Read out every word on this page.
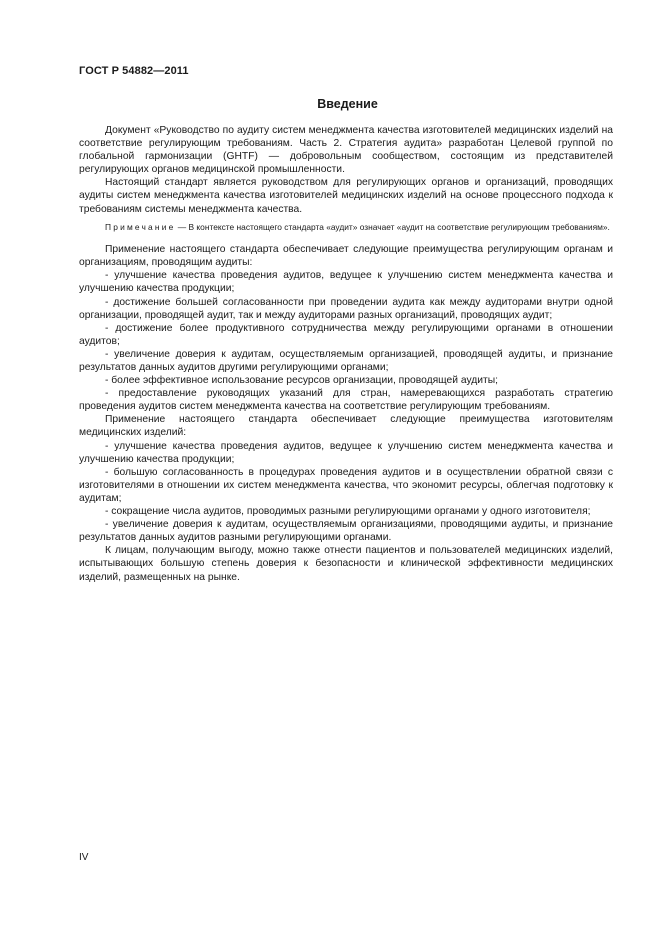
ГОСТ Р 54882—2011
Введение

Документ «Руководство по аудиту систем менеджмента качества изготовителей медицинских изделий на соответствие регулирующим требованиям. Часть 2. Стратегия аудита» разработан Целевой группой по глобальной гармонизации (GHTF) — добровольным сообществом, состоящим из представителей регулирующих органов медицинской промышленности.

Настоящий стандарт является руководством для регулирующих органов и организаций, проводящих аудиты систем менеджмента качества изготовителей медицинских изделий на основе процессного подхода к требованиям системы менеджмента качества.

Примечание — В контексте настоящего стандарта «аудит» означает «аудит на соответствие регулирующим требованиям».

Применение настоящего стандарта обеспечивает следующие преимущества регулирующим органам и организациям, проводящим аудиты:

- улучшение качества проведения аудитов, ведущее к улучшению систем менеджмента качества и улучшению качества продукции;

- достижение большей согласованности при проведении аудита как между аудиторами внутри одной организации, проводящей аудит, так и между аудиторами разных организаций, проводящих аудит;

- достижение более продуктивного сотрудничества между регулирующими органами в отношении аудитов;

- увеличение доверия к аудитам, осуществляемым организацией, проводящей аудиты, и признание результатов данных аудитов другими регулирующими органами;

- более эффективное использование ресурсов организации, проводящей аудиты;

- предоставление руководящих указаний для стран, намеревающихся разработать стратегию проведения аудитов систем менеджмента качества на соответствие регулирующим требованиям.

Применение настоящего стандарта обеспечивает следующие преимущества изготовителям медицинских изделий:

- улучшение качества проведения аудитов, ведущее к улучшению систем менеджмента качества и улучшению качества продукции;

- большую согласованность в процедурах проведения аудитов и в осуществлении обратной связи с изготовителями в отношении их систем менеджмента качества, что экономит ресурсы, облегчая подготовку к аудитам;

- сокращение числа аудитов, проводимых разными регулирующими органами у одного изготовителя;

- увеличение доверия к аудитам, осуществляемым организациями, проводящими аудиты, и признание результатов данных аудитов разными регулирующими органами.

К лицам, получающим выгоду, можно также отнести пациентов и пользователей медицинских изделий, испытывающих большую степень доверия к безопасности и клинической эффективности медицинских изделий, размещенных на рынке.

IV
